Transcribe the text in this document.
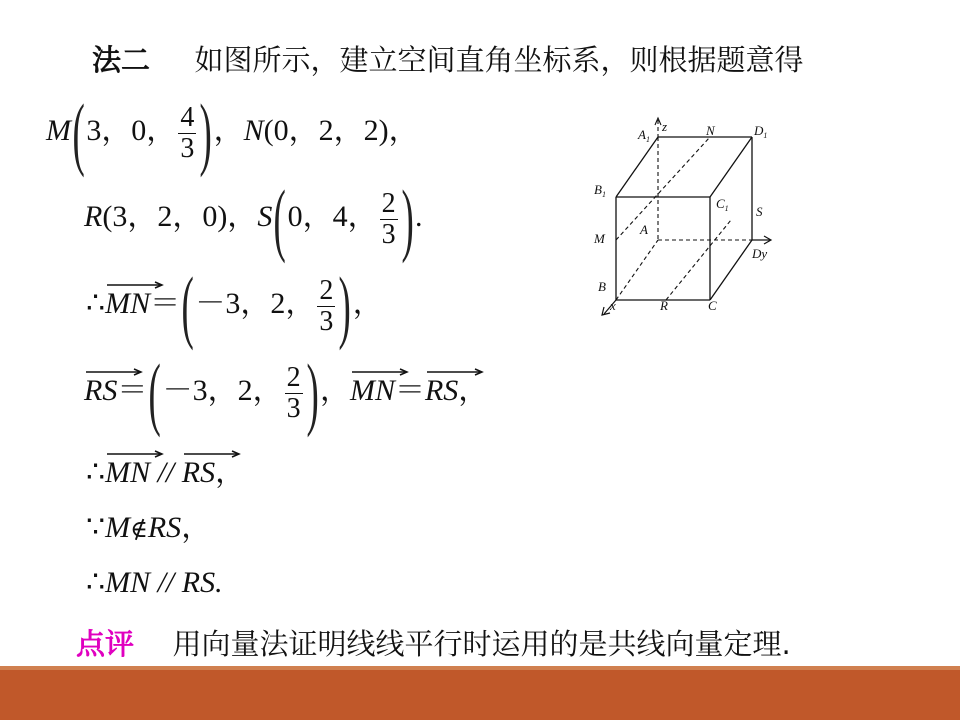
法二 如图所示，建立空间直角坐标系，则根据题意得
M(3，0， $\frac{4}{3}$ )，N(0，2，2)，
R(3，2，0)，S(0，4， $\frac{2}{3}$ ).
∴
MN＝(－3，2， $\frac{2}{3}$ )，
RS＝(－3，2， $\frac{2}{3}$ )，
MN＝
RS，
∴
MN //
RS，
∵M∉RS，
∴MN // RS.
点评 用向量法证明线线平行时运用的是共线向量定理.
$A_1$
z	N	$D_1$
$B_1$
$C_1$ S
M
A
Dy
B
x	R	C
